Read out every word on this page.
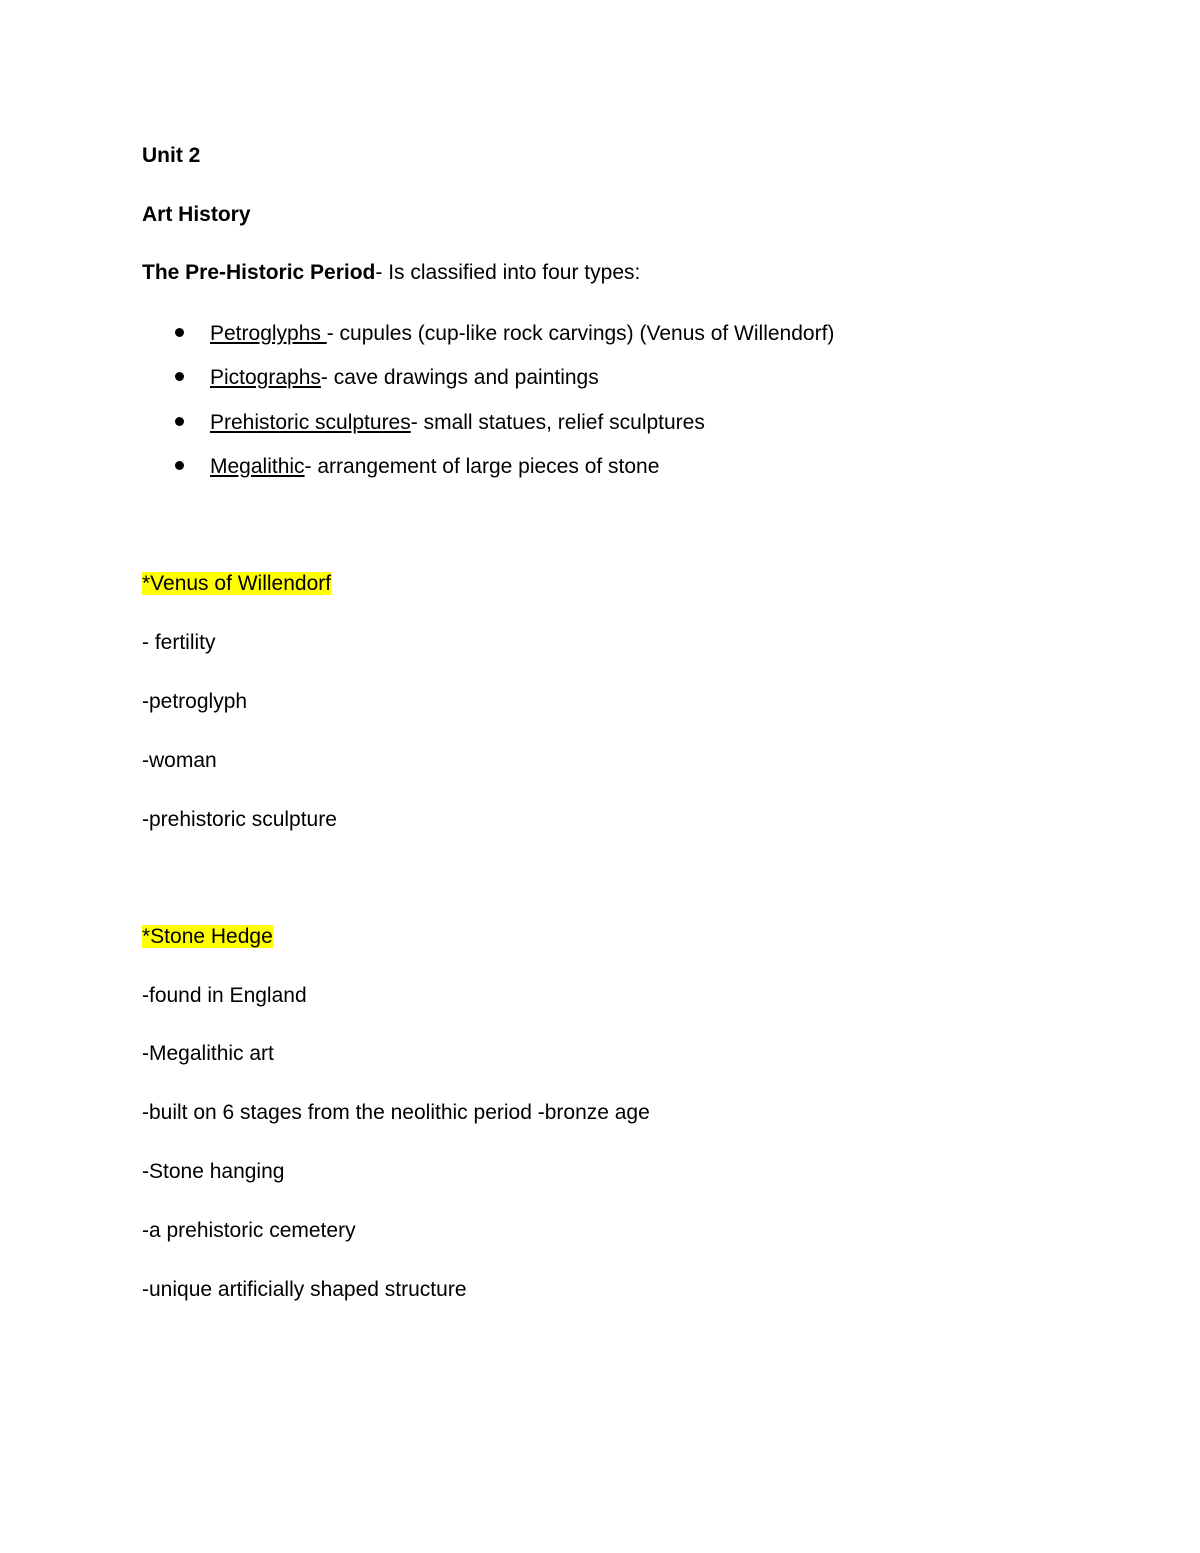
Unit 2
Art History
The Pre-Historic Period- Is classified into four types:
Petroglyphs - cupules (cup-like rock carvings) (Venus of Willendorf)
Pictographs- cave drawings and paintings
Prehistoric sculptures- small statues, relief sculptures
Megalithic- arrangement of large pieces of stone
*Venus of Willendorf
- fertility
-petroglyph
-woman
-prehistoric sculpture
*Stone Hedge
-found in England
-Megalithic art
-built on 6 stages from the neolithic period -bronze age
-Stone hanging
-a prehistoric cemetery
-unique artificially shaped structure
